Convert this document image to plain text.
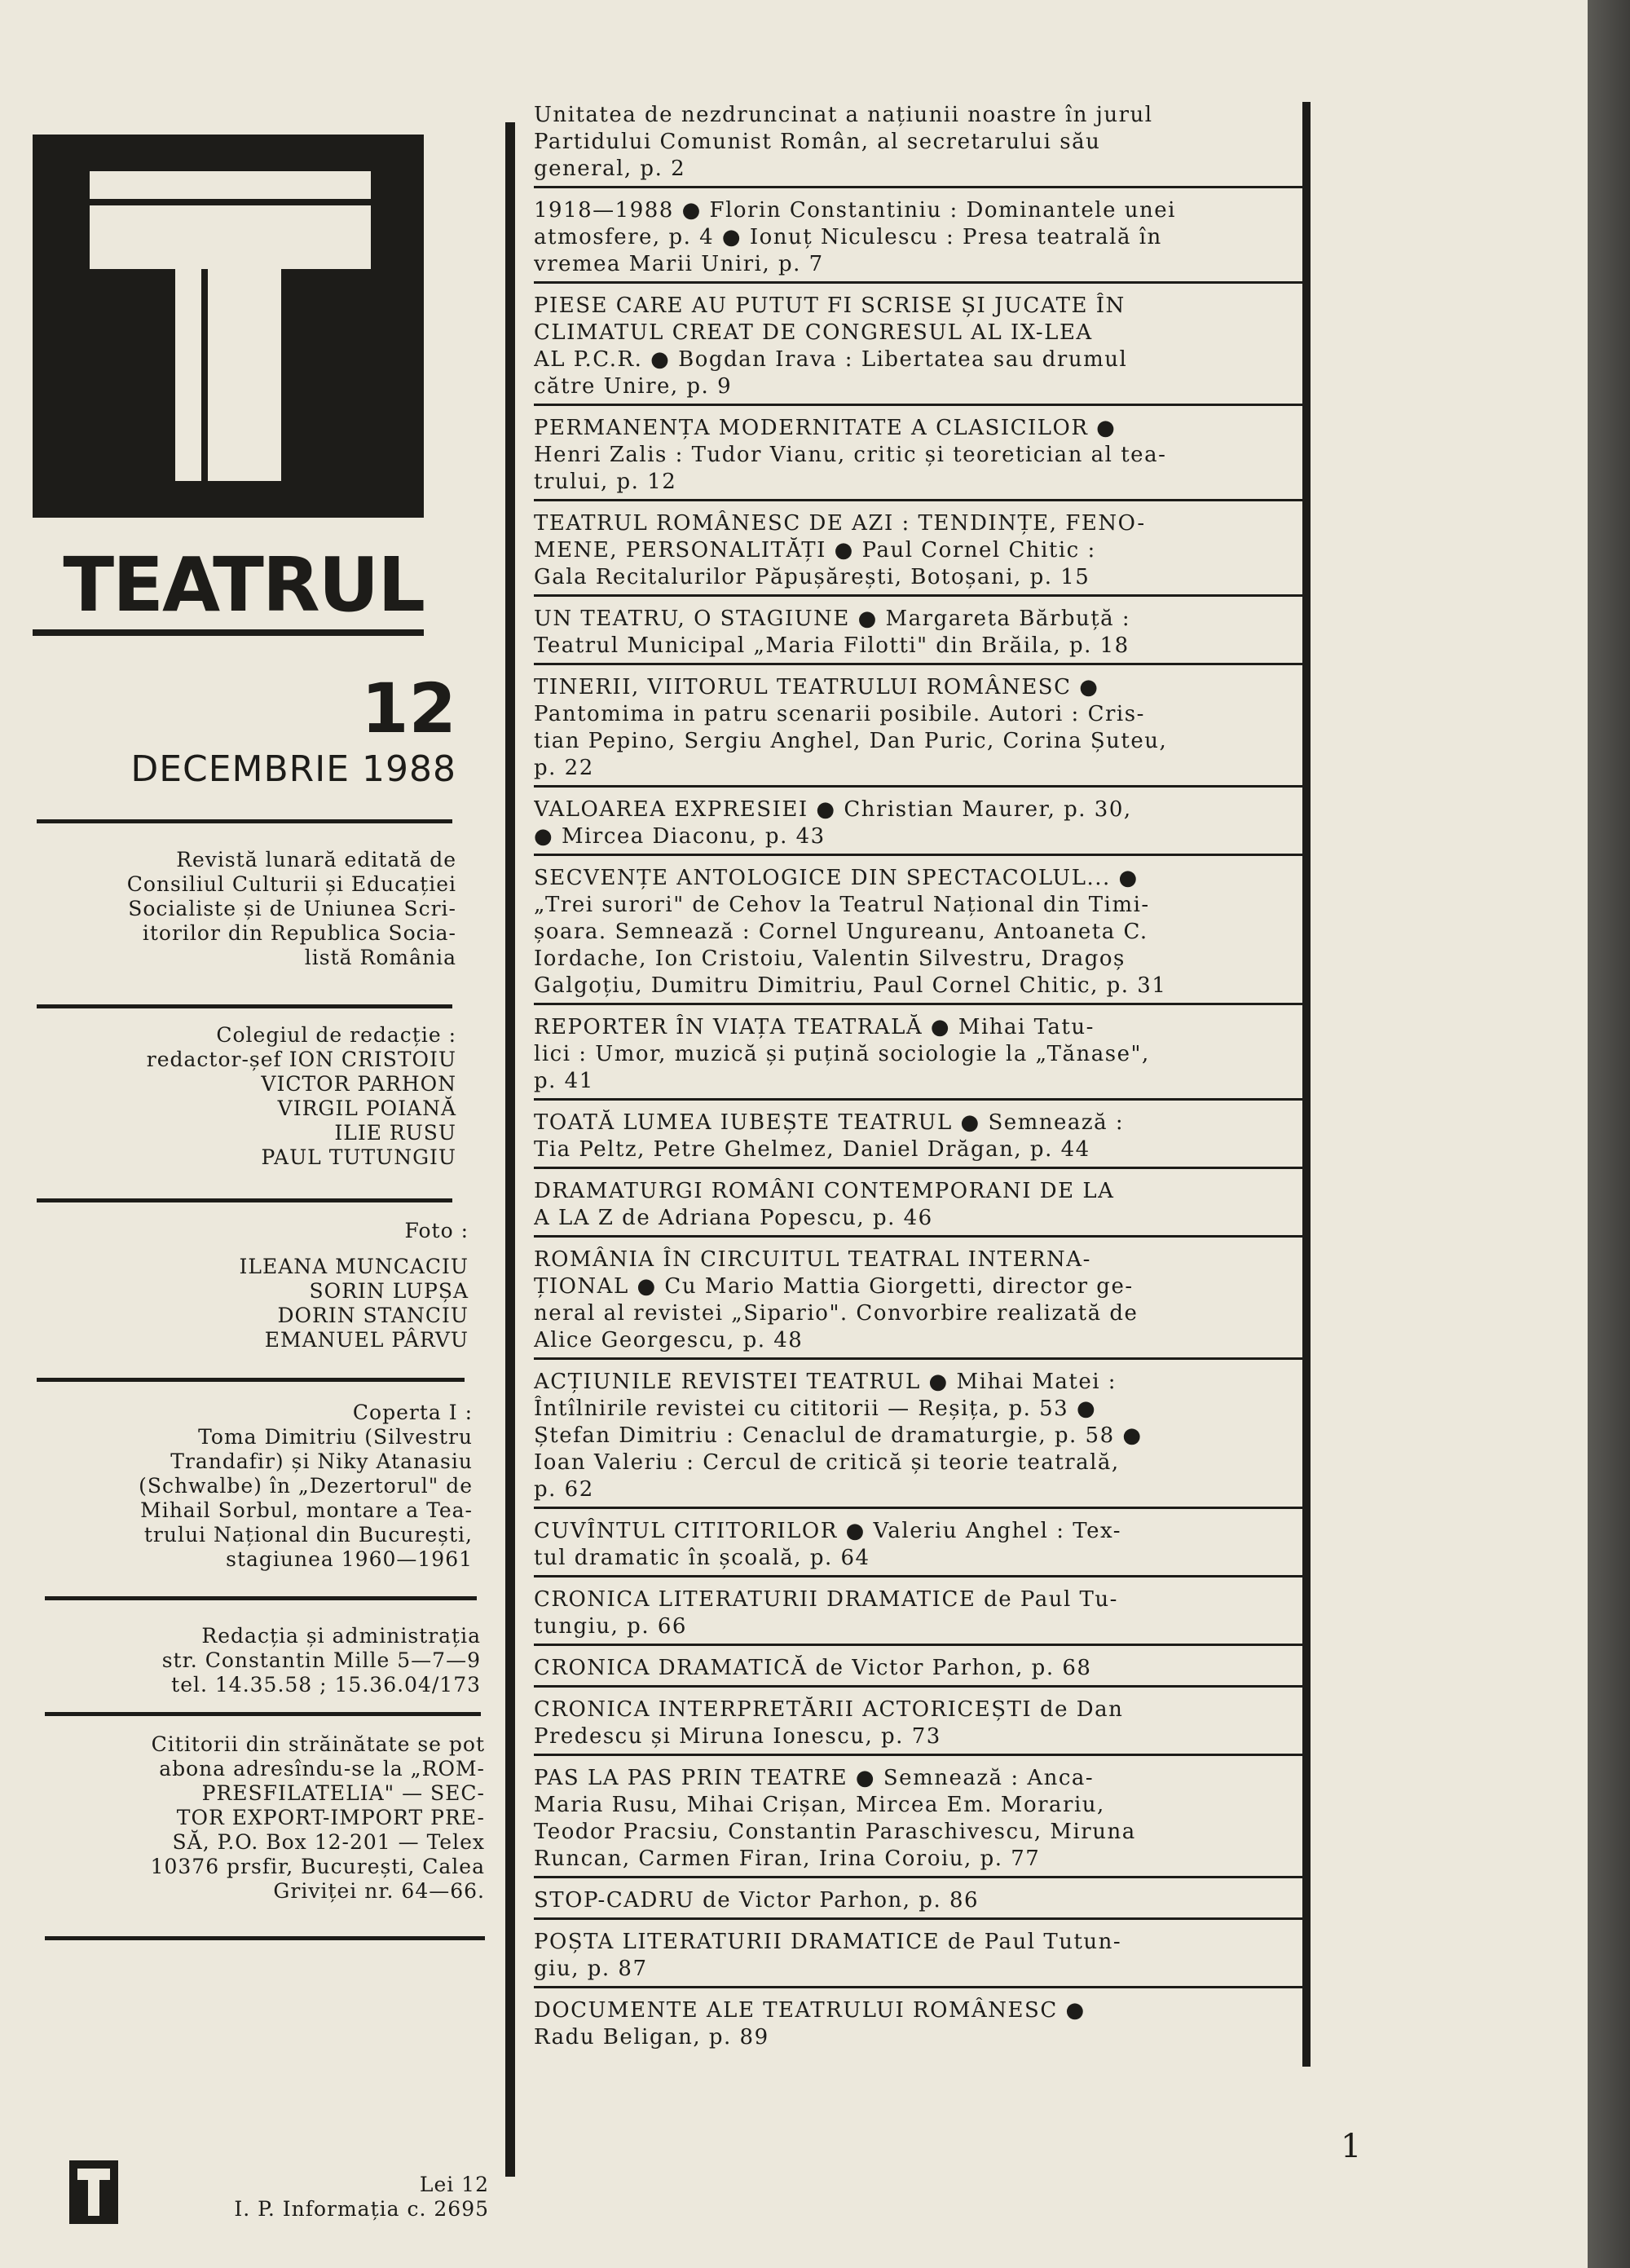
TEATRUL
12
DECEMBRIE 1988
Revistă lunară editată de
Consiliul Culturii și Educației
Socialiste și de Uniunea Scri-
itorilor din Republica Socia-
listă România
Colegiul de redacție :
redactor-șef ION CRISTOIU
VICTOR PARHON
VIRGIL POIANĂ
ILIE RUSU
PAUL TUTUNGIU
Foto :
ILEANA MUNCACIU
SORIN LUPȘA
DORIN STANCIU
EMANUEL PÂRVU
Coperta I :
Toma Dimitriu (Silvestru
Trandafir) și Niky Atanasiu
(Schwalbe) în „Dezertorul" de
Mihail Sorbul, montare a Tea-
trului Național din București,
stagiunea 1960—1961
Redacția și administrația
str. Constantin Mille 5—7—9
tel. 14.35.58 ; 15.36.04/173
Cititorii din străinătate se pot
abona adresîndu-se la „ROM-
PRESFILATELIA" — SEC-
TOR EXPORT-IMPORT PRE-
SĂ, P.O. Box 12-201 — Telex
10376 prsfir, București, Calea
Griviței nr. 64—66.
Lei 12
I. P. Informația c. 2695
Unitatea de nezdruncinat a națiunii noastre în jurul
Partidului Comunist Român, al secretarului său
general, p. 2
1918—1988 ● Florin Constantiniu : Dominantele unei
atmosfere, p. 4 ● Ionuț Niculescu : Presa teatrală în
vremea Marii Uniri, p. 7
PIESE CARE AU PUTUT FI SCRISE ȘI JUCATE ÎN
CLIMATUL CREAT DE CONGRESUL AL IX-LEA
AL P.C.R. ● Bogdan Irava : Libertatea sau drumul
către Unire, p. 9
PERMANENȚA MODERNITATE A CLASICILOR ●
Henri Zalis : Tudor Vianu, critic și teoretician al tea-
trului, p. 12
TEATRUL ROMÂNESC DE AZI : TENDINȚE, FENO-
MENE, PERSONALITĂȚI ● Paul Cornel Chitic :
Gala Recitalurilor Păpușărești, Botoșani, p. 15
UN TEATRU, O STAGIUNE ● Margareta Bărbuță :
Teatrul Municipal „Maria Filotti" din Brăila, p. 18
TINERII, VIITORUL TEATRULUI ROMÂNESC ●
Pantomima in patru scenarii posibile. Autori : Cris-
tian Pepino, Sergiu Anghel, Dan Puric, Corina Șuteu,
p. 22
VALOAREA EXPRESIEI ● Christian Maurer, p. 30,
● Mircea Diaconu, p. 43
SECVENȚE ANTOLOGICE DIN SPECTACOLUL... ●
„Trei surori" de Cehov la Teatrul Național din Timi-
șoara. Semnează : Cornel Ungureanu, Antoaneta C.
Iordache, Ion Cristoiu, Valentin Silvestru, Dragoș
Galgoțiu, Dumitru Dimitriu, Paul Cornel Chitic, p. 31
REPORTER ÎN VIAȚA TEATRALĂ ● Mihai Tatu-
lici : Umor, muzică și puțină sociologie la „Tănase",
p. 41
TOATĂ LUMEA IUBEȘTE TEATRUL ● Semnează :
Tia Peltz, Petre Ghelmez, Daniel Drăgan, p. 44
DRAMATURGI ROMÂNI CONTEMPORANI DE LA
A LA Z de Adriana Popescu, p. 46
ROMÂNIA ÎN CIRCUITUL TEATRAL INTERNA-
ȚIONAL ● Cu Mario Mattia Giorgetti, director ge-
neral al revistei „Sipario". Convorbire realizată de
Alice Georgescu, p. 48
ACȚIUNILE REVISTEI TEATRUL ● Mihai Matei :
Întîlnirile revistei cu cititorii — Reșița, p. 53 ●
Ștefan Dimitriu : Cenaclul de dramaturgie, p. 58 ●
Ioan Valeriu : Cercul de critică și teorie teatrală,
p. 62
CUVÎNTUL CITITORILOR ● Valeriu Anghel : Tex-
tul dramatic în școală, p. 64
CRONICA LITERATURII DRAMATICE de Paul Tu-
tungiu, p. 66
CRONICA DRAMATICĂ de Victor Parhon, p. 68
CRONICA INTERPRETĂRII ACTORICEȘTI de Dan
Predescu și Miruna Ionescu, p. 73
PAS LA PAS PRIN TEATRE ● Semnează : Anca-
Maria Rusu, Mihai Crișan, Mircea Em. Morariu,
Teodor Pracsiu, Constantin Paraschivescu, Miruna
Runcan, Carmen Firan, Irina Coroiu, p. 77
STOP-CADRU de Victor Parhon, p. 86
POȘTA LITERATURII DRAMATICE de Paul Tutun-
giu, p. 87
DOCUMENTE ALE TEATRULUI ROMÂNESC ●
Radu Beligan, p. 89
1
